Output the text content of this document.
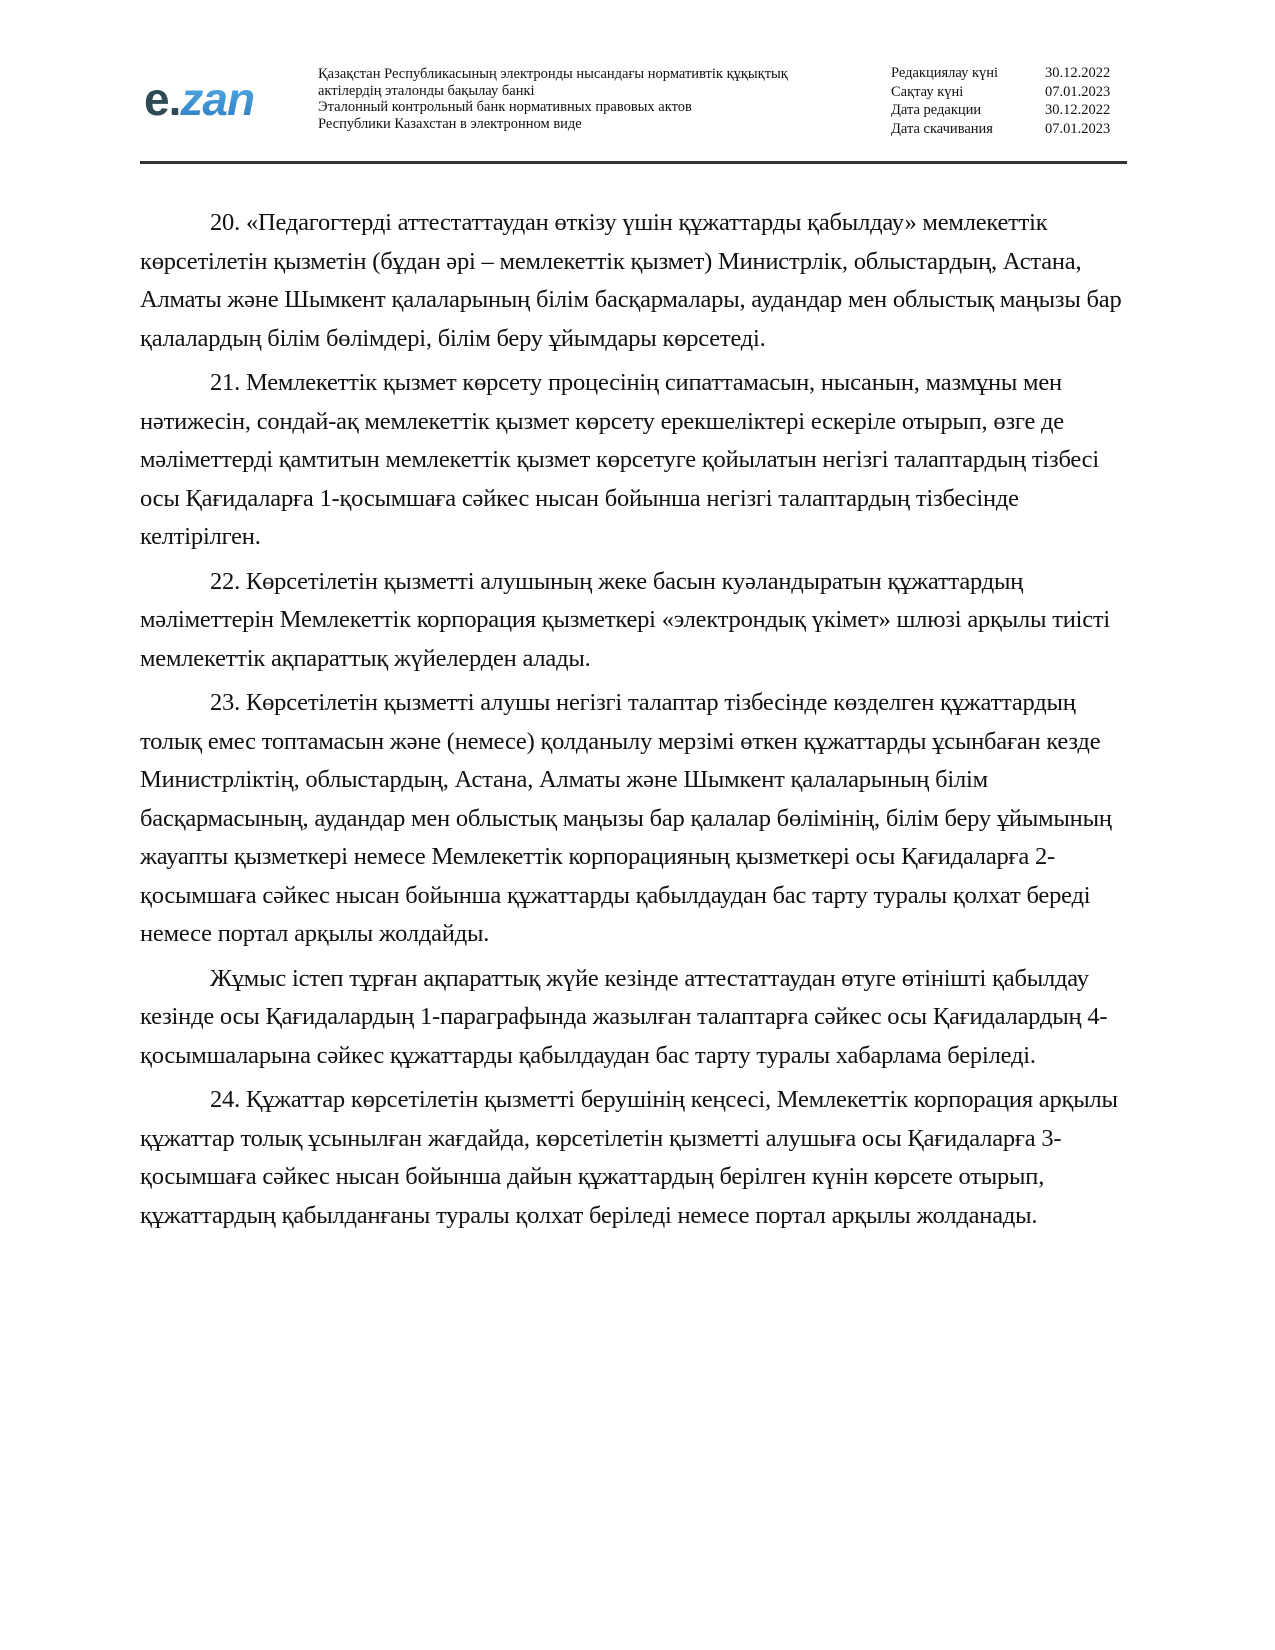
e.zan	Қазақстан Республикасының электронды нысандағы нормативтік құқықтық
актілердің эталонды бақылау банкі
Эталонный контрольный банк нормативных правовых актов
Республики Казахстан в электронном виде
Редакциялау күні	30.12.2022
Сақтау күні	07.01.2023
Дата редакции	30.12.2022
Дата скачивания	07.01.2023

20. «Педагогтерді аттестаттаудан өткізу үшін құжаттарды қабылдау» мемлекеттік көрсетілетін қызметін (бұдан әрі – мемлекеттік қызмет) Министрлік, облыстардың, Астана, Алматы және Шымкент қалаларының білім басқармалары, аудандар мен облыстық маңызы бар қалалардың білім бөлімдері, білім беру ұйымдары көрсетеді.

21. Мемлекеттік қызмет көрсету процесінің сипаттамасын, нысанын, мазмұны мен нәтижесін, сондай-ақ мемлекеттік қызмет көрсету ерекшеліктері ескеріле отырып, өзге де мәліметтерді қамтитын мемлекеттік қызмет көрсетуге қойылатын негізгі талаптардың тізбесі осы Қағидаларға 1-қосымшаға сәйкес нысан бойынша негізгі талаптардың тізбесінде келтірілген.

22. Көрсетілетін қызметті алушының жеке басын куәландыратын құжаттардың мәліметтерін Мемлекеттік корпорация қызметкері «электрондық үкімет» шлюзі арқылы тиісті мемлекеттік ақпараттық жүйелерден алады.

23. Көрсетілетін қызметті алушы негізгі талаптар тізбесінде көзделген құжаттардың толық емес топтамасын және (немесе) қолданылу мерзімі өткен құжаттарды ұсынбаған кезде Министрліктің, облыстардың, Астана, Алматы және Шымкент қалаларының білім басқармасының, аудандар мен облыстық маңызы бар қалалар бөлімінің, білім беру ұйымының жауапты қызметкері немесе Мемлекеттік корпорацияның қызметкері осы Қағидаларға 2-қосымшаға сәйкес нысан бойынша құжаттарды қабылдаудан бас тарту туралы қолхат береді немесе портал арқылы жолдайды.

Жұмыс істеп тұрған ақпараттық жүйе кезінде аттестаттаудан өтуге өтінішті қабылдау кезінде осы Қағидалардың 1-параграфында жазылған талаптарға сәйкес осы Қағидалардың 4-қосымшаларына сәйкес құжаттарды қабылдаудан бас тарту туралы хабарлама беріледі.

24. Құжаттар көрсетілетін қызметті берушінің кеңсесі, Мемлекеттік корпорация арқылы құжаттар толық ұсынылған жағдайда, көрсетілетін қызметті алушыға осы Қағидаларға 3-қосымшаға сәйкес нысан бойынша дайын құжаттардың берілген күнін көрсете отырып, құжаттардың қабылданғаны туралы қолхат беріледі немесе портал арқылы жолданады.
